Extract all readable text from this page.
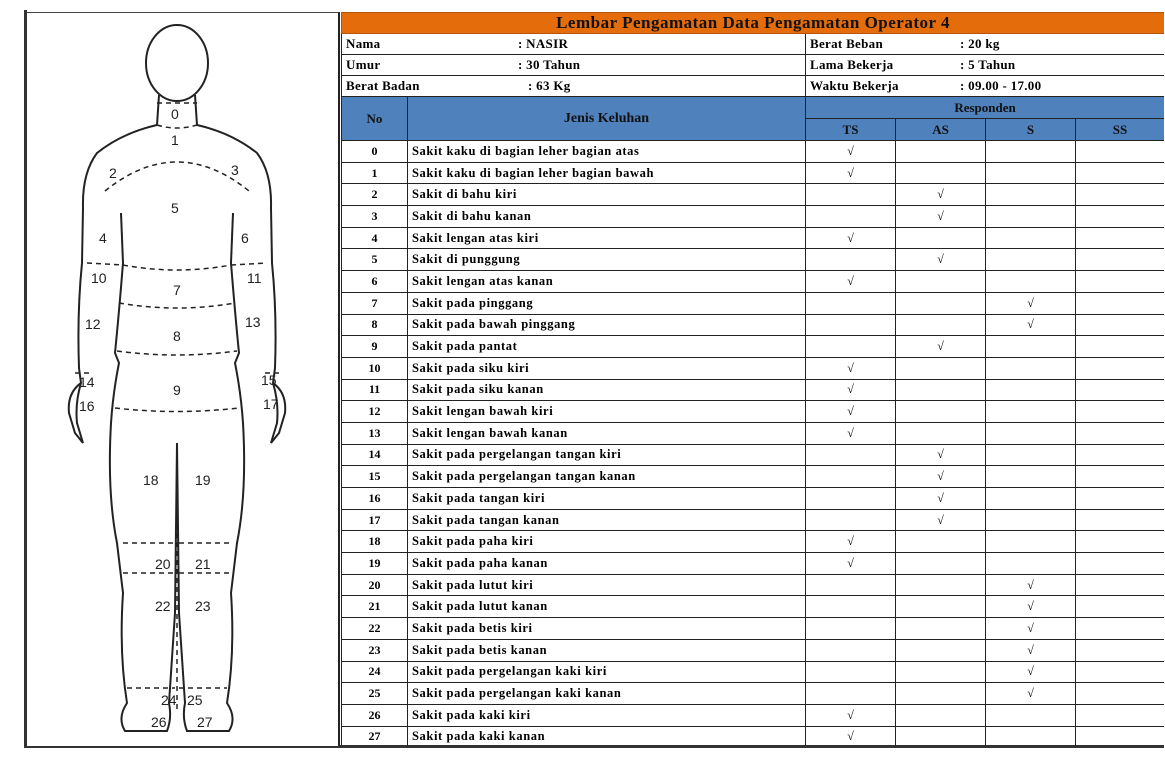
0
1
2	3
4
5
6
7
8
9
10	11
12	13
14	15
16	17
18	19
20 21
22 23
24 25
26 27
Lembar Pengamatan Data Pengamatan Operator 4					
Nama : NASIR		Berat Beban : 20 kg			
Umur : 30 Tahun		Lama Bekerja : 5 Tahun			
Berat Badan : 63 Kg		Waktu Bekerja : 09.00 - 17.00			
No	Jenis Keluhan	Responden			
		TS	AS	S	SS
0	Sakit kaku di bagian leher bagian atas	√			
1	Sakit kaku di bagian leher bagian bawah	√			
2	Sakit di bahu kiri		√		
3	Sakit di bahu kanan		√		
4	Sakit lengan atas kiri	√			
5	Sakit di punggung		√		
6	Sakit lengan atas kanan	√			
7	Sakit pada pinggang			√	
8	Sakit pada bawah pinggang			√	
9	Sakit pada pantat		√		
10	Sakit pada siku kiri	√			
11	Sakit pada siku kanan	√			
12	Sakit lengan bawah kiri	√			
13	Sakit lengan bawah kanan	√			
14	Sakit pada pergelangan tangan kiri		√		
15	Sakit pada pergelangan tangan kanan		√		
16	Sakit pada tangan kiri		√		
17	Sakit pada tangan kanan		√		
18	Sakit pada paha kiri	√			
19	Sakit pada paha kanan	√			
20	Sakit pada lutut kiri			√	
21	Sakit pada lutut kanan			√	
22	Sakit pada betis kiri			√	
23	Sakit pada betis kanan			√	
24	Sakit pada pergelangan kaki kiri			√	
25	Sakit pada pergelangan kaki kanan			√	
26	Sakit pada kaki kiri	√			
27	Sakit pada kaki kanan	√			
